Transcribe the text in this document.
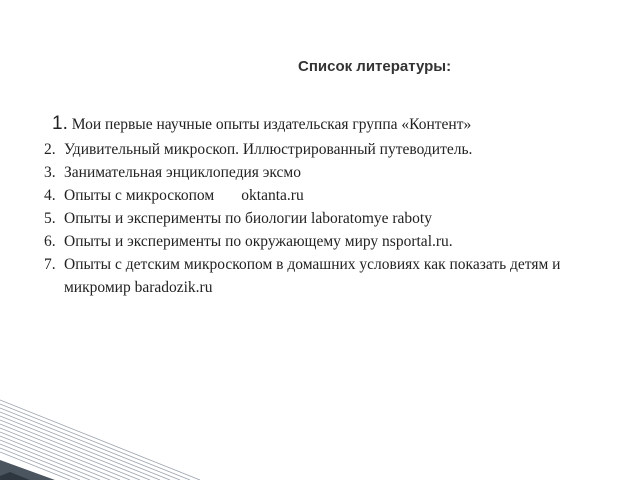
Список литературы:

1. Мои первые научные опыты издательская группа «Контент»

2. Удивительный микроскоп. Иллюстрированный путеводитель.
3. Занимательная энциклопедия эксмо
4. Опыты с микроскопом       oktanta.ru
5. Опыты и эксперименты по биологии laboratomye raboty
6. Опыты и эксперименты по окружающему миру nsportal.ru.
7. Опыты с детским микроскопом в домашних условиях как показать детям и микромир baradozik.ru
